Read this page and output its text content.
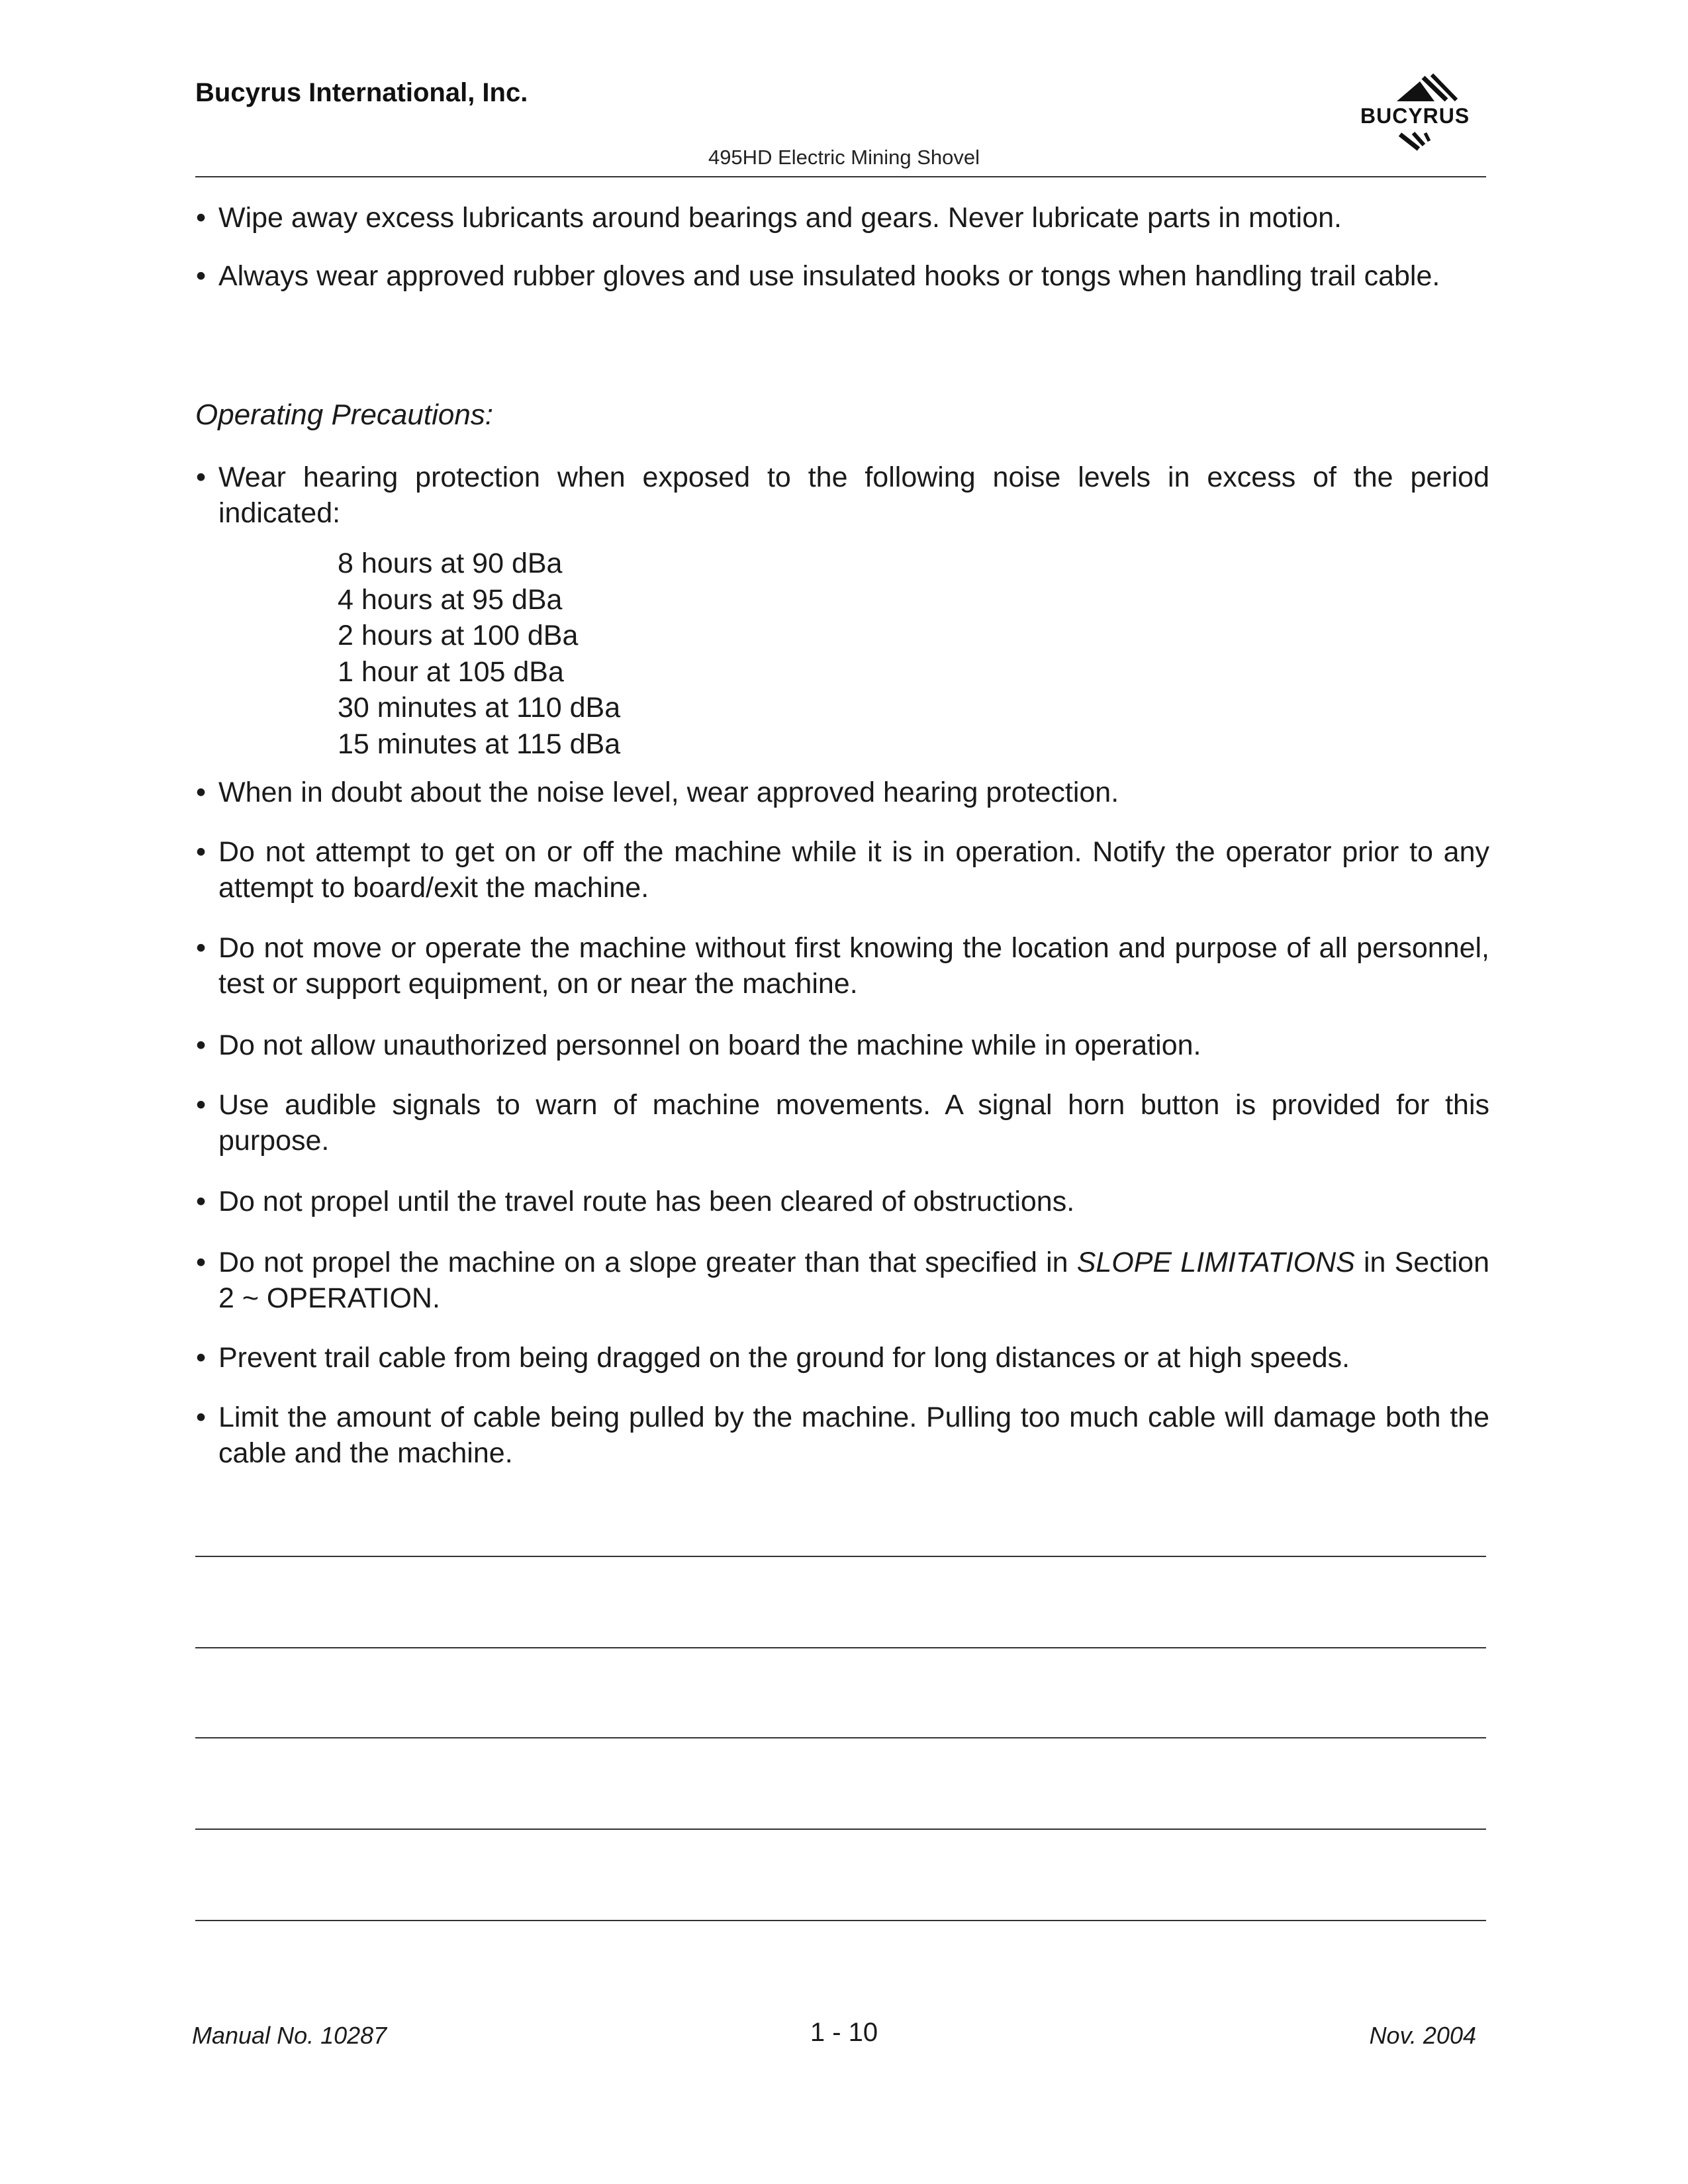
Bucyrus International, Inc.
BUCYRUS
495HD Electric Mining Shovel
• Wipe away excess lubricants around bearings and gears. Never lubricate parts in motion.
• Always wear approved rubber gloves and use insulated hooks or tongs when handling trail cable.
Operating Precautions:
• Wear hearing protection when exposed to the following noise levels in excess of the period indicated:
8 hours at 90 dBa
4 hours at 95 dBa
2 hours at 100 dBa
1 hour at 105 dBa
30 minutes at 110 dBa
15 minutes at 115 dBa
• When in doubt about the noise level, wear approved hearing protection.
• Do not attempt to get on or off the machine while it is in operation. Notify the operator prior to any attempt to board/exit the machine.
• Do not move or operate the machine without first knowing the location and purpose of all personnel, test or support equipment, on or near the machine.
• Do not allow unauthorized personnel on board the machine while in operation.
• Use audible signals to warn of machine movements. A signal horn button is provided for this purpose.
• Do not propel until the travel route has been cleared of obstructions.
• Do not propel the machine on a slope greater than that specified in SLOPE LIMITATIONS in Section 2 ~ OPERATION.
• Prevent trail cable from being dragged on the ground for long distances or at high speeds.
• Limit the amount of cable being pulled by the machine. Pulling too much cable will damage both the cable and the machine.
Manual No. 10287	1 - 10	Nov. 2004
